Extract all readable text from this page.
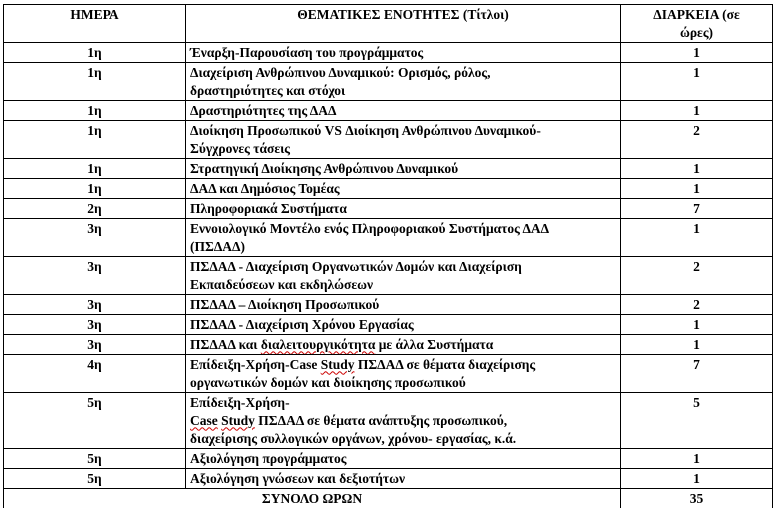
ΗΜΕΡΑ	ΘΕΜΑΤΙΚΕΣ ΕΝΟΤΗΤΕΣ (Τίτλοι)	ΔΙΑΡΚΕΙΑ (σε
ώρες)
1η	Έναρξη-Παρουσίαση του προγράμματος	1
1η	Διαχείριση Ανθρώπινου Δυναμικού: Ορισμός, ρόλος,
δραστηριότητες και στόχοι	1
1η	Δραστηριότητες της ΔΑΔ	1
1η	Διοίκηση Προσωπικού VS Διοίκηση Ανθρώπινου Δυναμικού-
Σύγχρονες τάσεις	2
1η	Στρατηγική Διοίκησης Ανθρώπινου Δυναμικού	1
1η	ΔΑΔ και Δημόσιος Τομέας	1
2η	Πληροφοριακά Συστήματα	7
3η	Εννοιολογικό Μοντέλο ενός Πληροφοριακού Συστήματος ΔΑΔ
(ΠΣΔΑΔ)	1
3η	ΠΣΔΑΔ - Διαχείριση Οργανωτικών Δομών και Διαχείριση
Εκπαιδεύσεων και εκδηλώσεων	2
3η	ΠΣΔΑΔ – Διοίκηση Προσωπικού	2
3η	ΠΣΔΑΔ - Διαχείριση Χρόνου Εργασίας	1
3η	ΠΣΔΑΔ και διαλειτουργικότητα με άλλα Συστήματα	1
4η	Επίδειξη-Χρήση-Case Study ΠΣΔΑΔ σε θέματα διαχείρισης
οργανωτικών δομών και διοίκησης προσωπικού	7
5η	Επίδειξη-Χρήση-
Case Study ΠΣΔΑΔ σε θέματα ανάπτυξης προσωπικού,
διαχείρισης συλλογικών οργάνων, χρόνου- εργασίας, κ.ά.	5
5η	Αξιολόγηση προγράμματος	1
5η	Αξιολόγηση γνώσεων και δεξιοτήτων	1
ΣΥΝΟΛΟ ΩΡΩΝ		35
